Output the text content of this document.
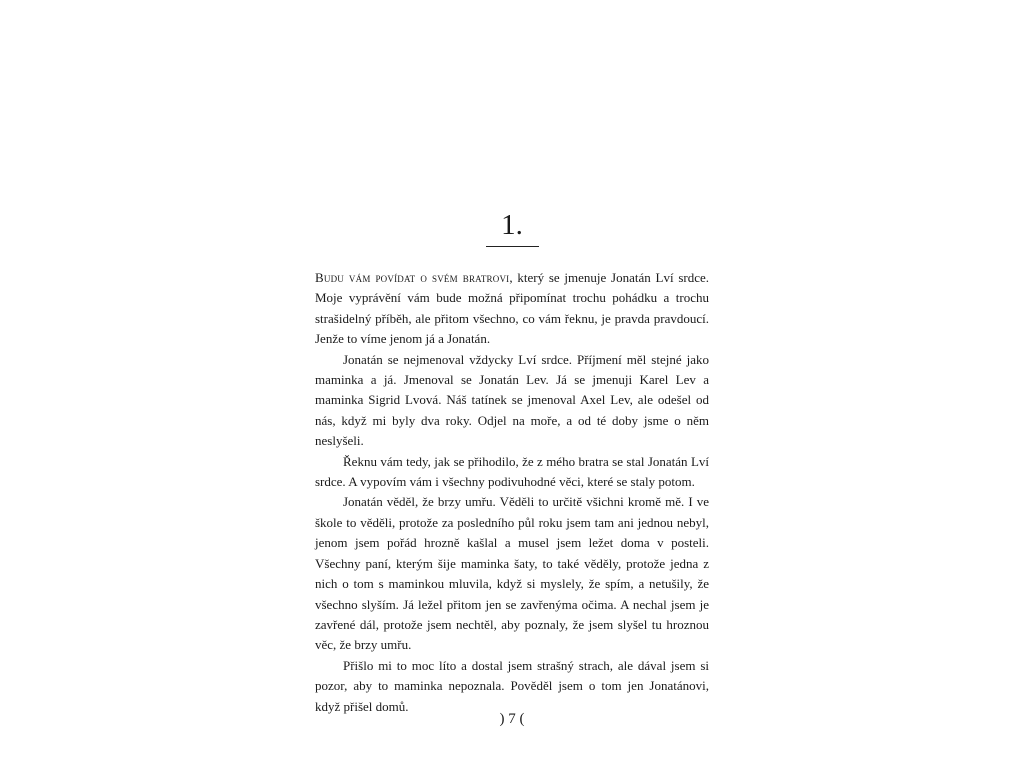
1.

Budu vám povídat o svém bratrovi, který se jmenuje Jonatán Lví srdce. Moje vyprávění vám bude možná připomínat trochu pohádku a trochu strašidelný příběh, ale přitom všechno, co vám řeknu, je pravda pravdoucí. Jenže to víme jenom já a Jonatán.

Jonatán se nejmenoval vždycky Lví srdce. Příjmení měl stejné jako maminka a já. Jmenoval se Jonatán Lev. Já se jmenuji Karel Lev a maminka Sigrid Lvová. Náš tatínek se jmenoval Axel Lev, ale odešel od nás, když mi byly dva roky. Odjel na moře, a od té doby jsme o něm neslyšeli.

Řeknu vám tedy, jak se přihodilo, že z mého bratra se stal Jonatán Lví srdce. A vypovím vám i všechny podivuhodné věci, které se staly potom.

Jonatán věděl, že brzy umřu. Věděli to určitě všichni kromě mě. I ve škole to věděli, protože za posledního půl roku jsem tam ani jednou nebyl, jenom jsem pořád hrozně kašlal a musel jsem ležet doma v posteli. Všechny paní, kterým šije maminka šaty, to také věděly, protože jedna z nich o tom s maminkou mluvila, když si myslely, že spím, a netušily, že všechno slyším. Já ležel přitom jen se zavřenýma očima. A nechal jsem je zavřené dál, protože jsem nechtěl, aby poznaly, že jsem slyšel tu hroznou věc, že brzy umřu.

Přišlo mi to moc líto a dostal jsem strašný strach, ale dával jsem si pozor, aby to maminka nepoznala. Pověděl jsem o tom jen Jonatánovi, když přišel domů.

) 7 (
